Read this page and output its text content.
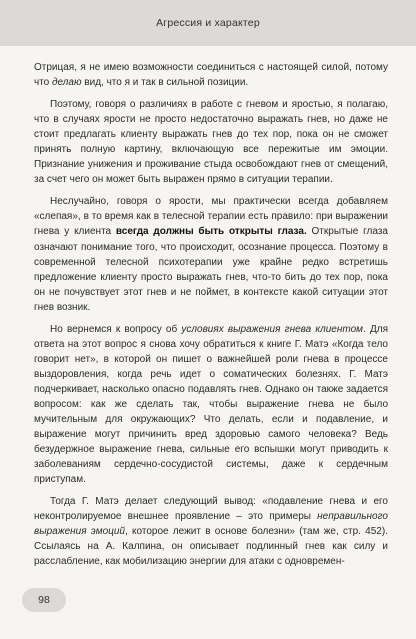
Агрессия и характер

Отрицая, я не имею возможности соединиться с настоящей силой, потому что делаю вид, что я и так в сильной позиции.

Поэтому, говоря о различиях в работе с гневом и яростью, я полагаю, что в случаях ярости не просто недостаточно выражать гнев, но даже не стоит предлагать клиенту выражать гнев до тех пор, пока он не сможет принять полную картину, включающую все пережитые им эмоции. Признание унижения и проживание стыда освобождают гнев от смещений, за счет чего он может быть выражен прямо в ситуации терапии.

Неслучайно, говоря о ярости, мы практически всегда добавляем «слепая», в то время как в телесной терапии есть правило: при выражении гнева у клиента всегда должны быть открыты глаза. Открытые глаза означают понимание того, что происходит, осознание процесса. Поэтому в современной телесной психотерапии уже крайне редко встретишь предложение клиенту просто выражать гнев, что-то бить до тех пор, пока он не почувствует этот гнев и не поймет, в контексте какой ситуации этот гнев возник.

Но вернемся к вопросу об условиях выражения гнева клиентом. Для ответа на этот вопрос я снова хочу обратиться к книге Г. Матэ «Когда тело говорит нет», в которой он пишет о важнейшей роли гнева в процессе выздоровления, когда речь идет о соматических болезнях. Г. Матэ подчеркивает, насколько опасно подавлять гнев. Однако он также задается вопросом: как же сделать так, чтобы выражение гнева не было мучительным для окружающих? Что делать, если и подавление, и выражение могут причинить вред здоровью самого человека? Ведь безудержное выражение гнева, сильные его вспышки могут приводить к заболеваниям сердечно-сосудистой системы, даже к сердечным приступам.

Тогда Г. Матэ делает следующий вывод: «подавление гнева и его неконтролируемое внешнее проявление – это примеры неправильного выражения эмоций, которое лежит в основе болезни» (там же, стр. 452). Ссылаясь на А. Калпина, он описывает подлинный гнев как силу и расслабление, как мобилизацию энергии для атаки с одновремен-

98
